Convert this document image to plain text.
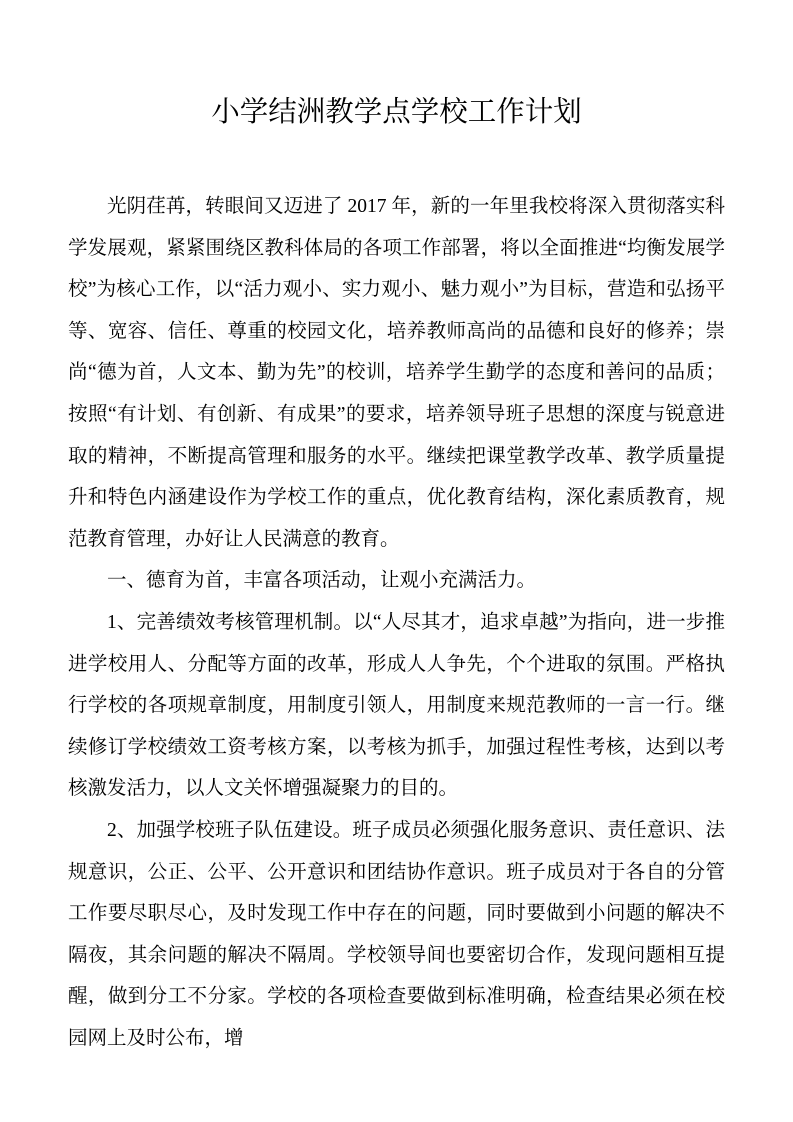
小学结洲教学点学校工作计划

光阴荏苒，转眼间又迈进了 2017 年，新的一年里我校将深入贯彻落实科学发展观，紧紧围绕区教科体局的各项工作部署，将以全面推进“均衡发展学校”为核心工作，以“活力观小、实力观小、魅力观小”为目标，营造和弘扬平等、宽容、信任、尊重的校园文化，培养教师高尚的品德和良好的修养；崇尚“德为首，人文本、勤为先”的校训，培养学生勤学的态度和善问的品质；按照“有计划、有创新、有成果”的要求，培养领导班子思想的深度与锐意进取的精神，不断提高管理和服务的水平。继续把课堂教学改革、教学质量提升和特色内涵建设作为学校工作的重点，优化教育结构，深化素质教育，规范教育管理，办好让人民满意的教育。

一、德育为首，丰富各项活动，让观小充满活力。

1、完善绩效考核管理机制。以“人尽其才，追求卓越”为指向，进一步推进学校用人、分配等方面的改革，形成人人争先，个个进取的氛围。严格执行学校的各项规章制度，用制度引领人，用制度来规范教师的一言一行。继续修订学校绩效工资考核方案，以考核为抓手，加强过程性考核，达到以考核激发活力，以人文关怀增强凝聚力的目的。

2、加强学校班子队伍建设。班子成员必须强化服务意识、责任意识、法规意识，公正、公平、公开意识和团结协作意识。班子成员对于各自的分管工作要尽职尽心，及时发现工作中存在的问题，同时要做到小问题的解决不隔夜，其余问题的解决不隔周。学校领导间也要密切合作，发现问题相互提醒，做到分工不分家。学校的各项检查要做到标准明确，检查结果必须在校园网上及时公布，增
